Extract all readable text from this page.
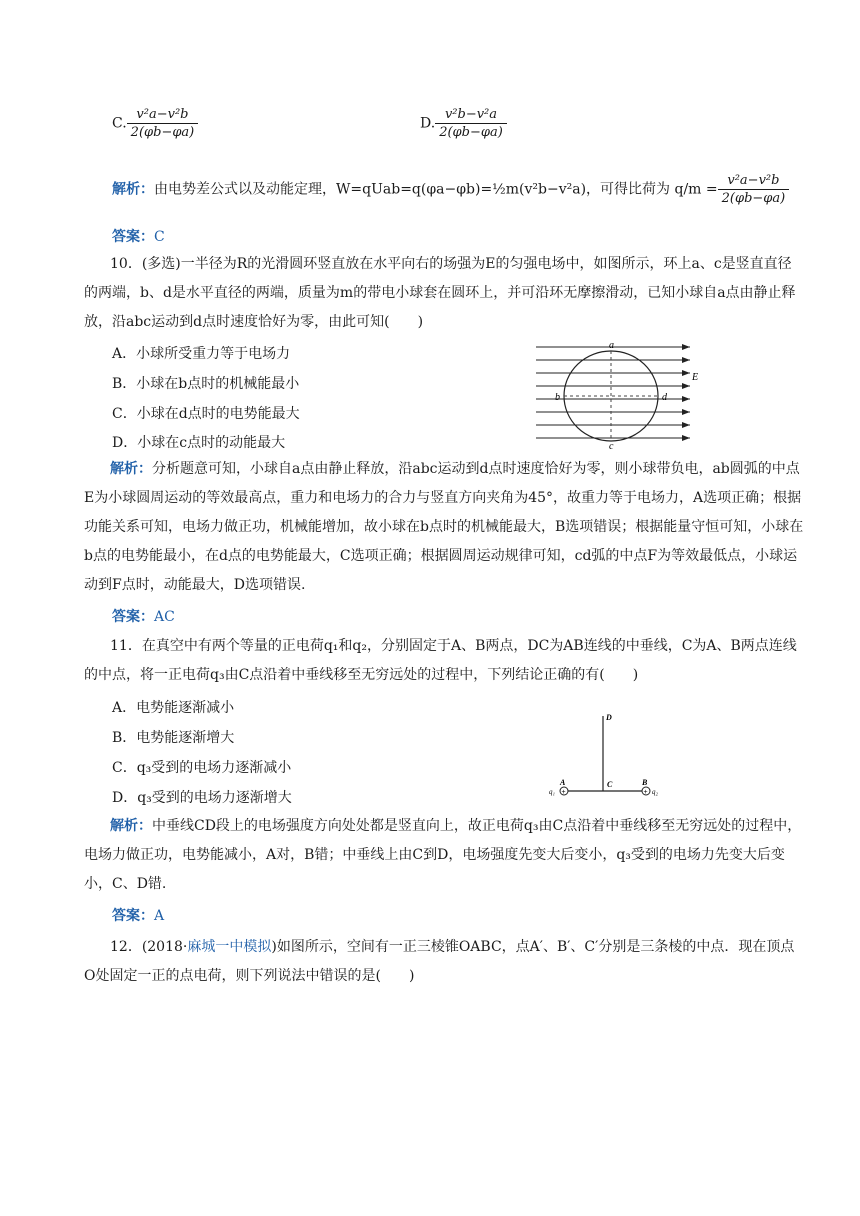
C. $\frac{\text{v²a−v²b}}{2(\varphi b-\varphi a)}$	D. $\frac{\text{v²b−v²a}}{2(\varphi b-\varphi a)}$
解析：由电势差公式以及动能定理，W=qUab=q(φa−φb)=½m(v²b−v²a)，可得比荷为 $q/m = \frac{\text{v²a−v²b}}{2(\varphi b-\varphi a)}$
答案：C
10．(多选)一半径为R的光滑圆环竖直放在水平向右的场强为E的匀强电场中，如图所示，环上a、c是竖直直径的两端，b、d是水平直径的两端，质量为m的带电小球套在圆环上，并可沿环无摩擦滑动，已知小球自a点由静止释放，沿abc运动到d点时速度恰好为零，由此可知(　　)
A．小球所受重力等于电场力
B．小球在b点时的机械能最小
C．小球在d点时的电势能最大
D．小球在c点时的动能最大
a
b	d
c
E
解析：分析题意可知，小球自a点由静止释放，沿abc运动到d点时速度恰好为零，则小球带负电，ab圆弧的中点E为小球圆周运动的等效最高点，重力和电场力的合力与竖直方向夹角为45°，故重力等于电场力，A选项正确；根据功能关系可知，电场力做正功，机械能增加，故小球在b点时的机械能最大，B选项错误；根据能量守恒可知，小球在b点的电势能最小，在d点的电势能最大，C选项正确；根据圆周运动规律可知，cd弧的中点F为等效最低点，小球运动到F点时，动能最大，D选项错误.
答案：AC
11．在真空中有两个等量的正电荷q₁和q₂，分别固定于A、B两点，DC为AB连线的中垂线，C为A、B两点连线的中点，将一正电荷q₃由C点沿着中垂线移至无穷远处的过程中，下列结论正确的有(　　)
A．电势能逐渐减小
B．电势能逐渐增大
C．q₃受到的电场力逐渐减小
D．q₃受到的电场力逐渐增大	+	+
D
C
A	B
q₁	q₂
解析：中垂线CD段上的电场强度方向处处都是竖直向上，故正电荷q₃由C点沿着中垂线移至无穷远处的过程中，电场力做正功，电势能减小，A对，B错；中垂线上由C到D，电场强度先变大后变小，q₃受到的电场力先变大后变小，C、D错.
答案：A
12．(2018·麻城一中模拟)如图所示，空间有一正三棱锥OABC，点A′、B′、C′分别是三条棱的中点．现在顶点O处固定一正的点电荷，则下列说法中错误的是(　　)
